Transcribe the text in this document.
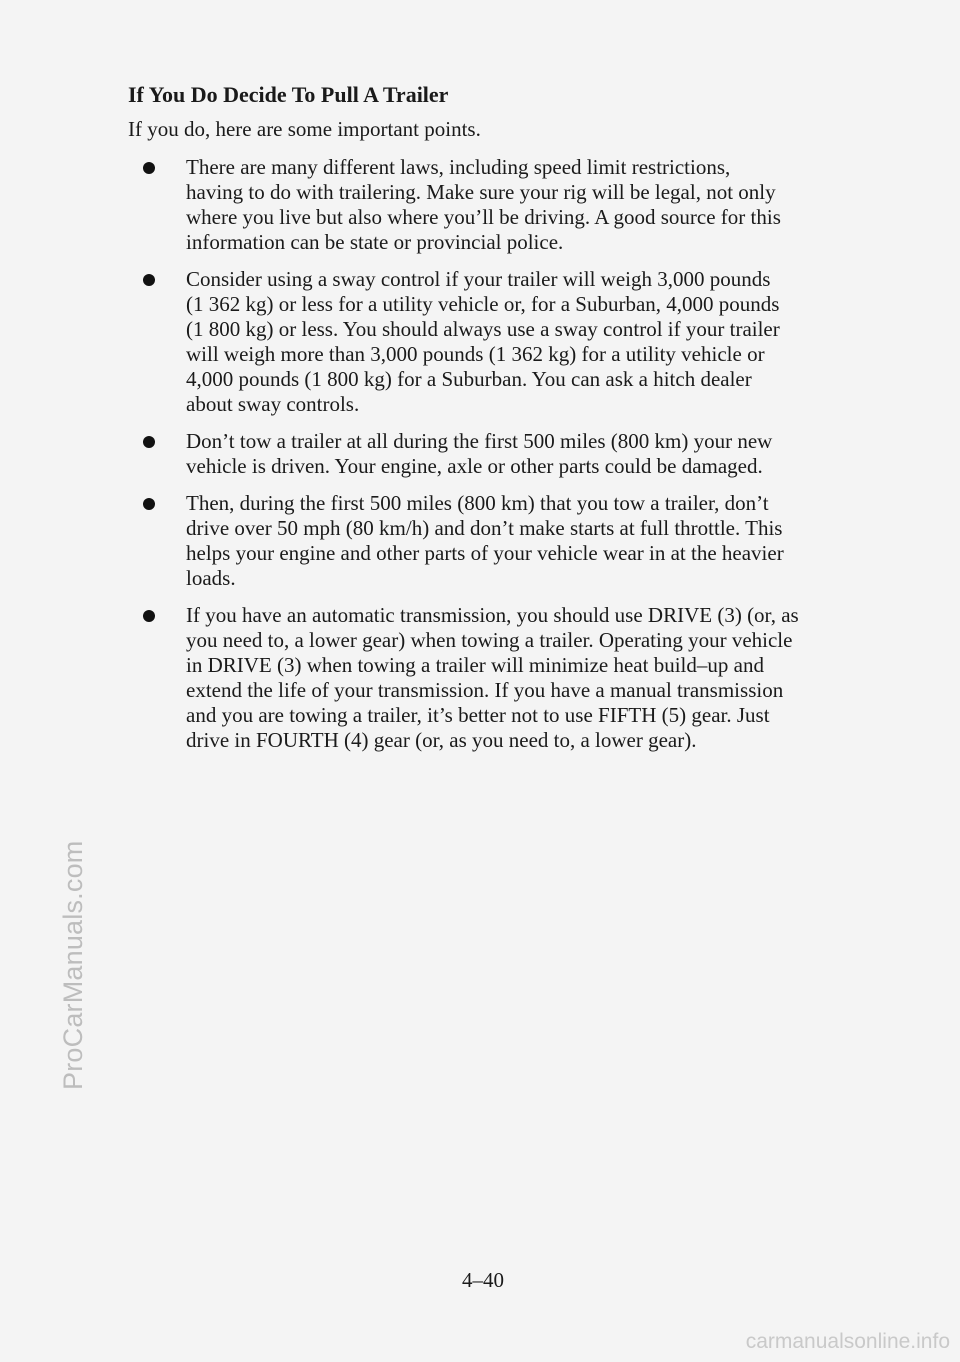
ProCarManuals.com
If You Do Decide To Pull A Trailer

If you do, here are some important points.

There are many different laws, including speed limit restrictions,
having to do with trailering. Make sure your rig will be legal, not only
where you live but also where you’ll be driving. A good source for this
information can be state or provincial police.
Consider using a sway control if your trailer will weigh 3,000 pounds
(1 362 kg) or less for a utility vehicle or, for a Suburban, 4,000 pounds
(1 800 kg) or less. You should always use a sway control if your trailer
will weigh more than 3,000 pounds (1 362 kg) for a utility vehicle or
4,000 pounds (1 800 kg) for a Suburban. You can ask a hitch dealer
about sway controls.
Don’t tow a trailer at all during the first 500 miles (800 km) your new
vehicle is driven. Your engine, axle or other parts could be damaged.
Then, during the first 500 miles (800 km) that you tow a trailer, don’t
drive over 50 mph (80 km/h) and don’t make starts at full throttle. This
helps your engine and other parts of your vehicle wear in at the heavier
loads.
If you have an automatic transmission, you should use DRIVE (3) (or, as
you need to, a lower gear) when towing a trailer. Operating your vehicle
in DRIVE (3) when towing a trailer will minimize heat build–up and
extend the life of your transmission. If you have a manual transmission
and you are towing a trailer, it’s better not to use FIFTH (5) gear. Just
drive in FOURTH (4) gear (or, as you need to, a lower gear).

4–40

carmanualsonline.info
